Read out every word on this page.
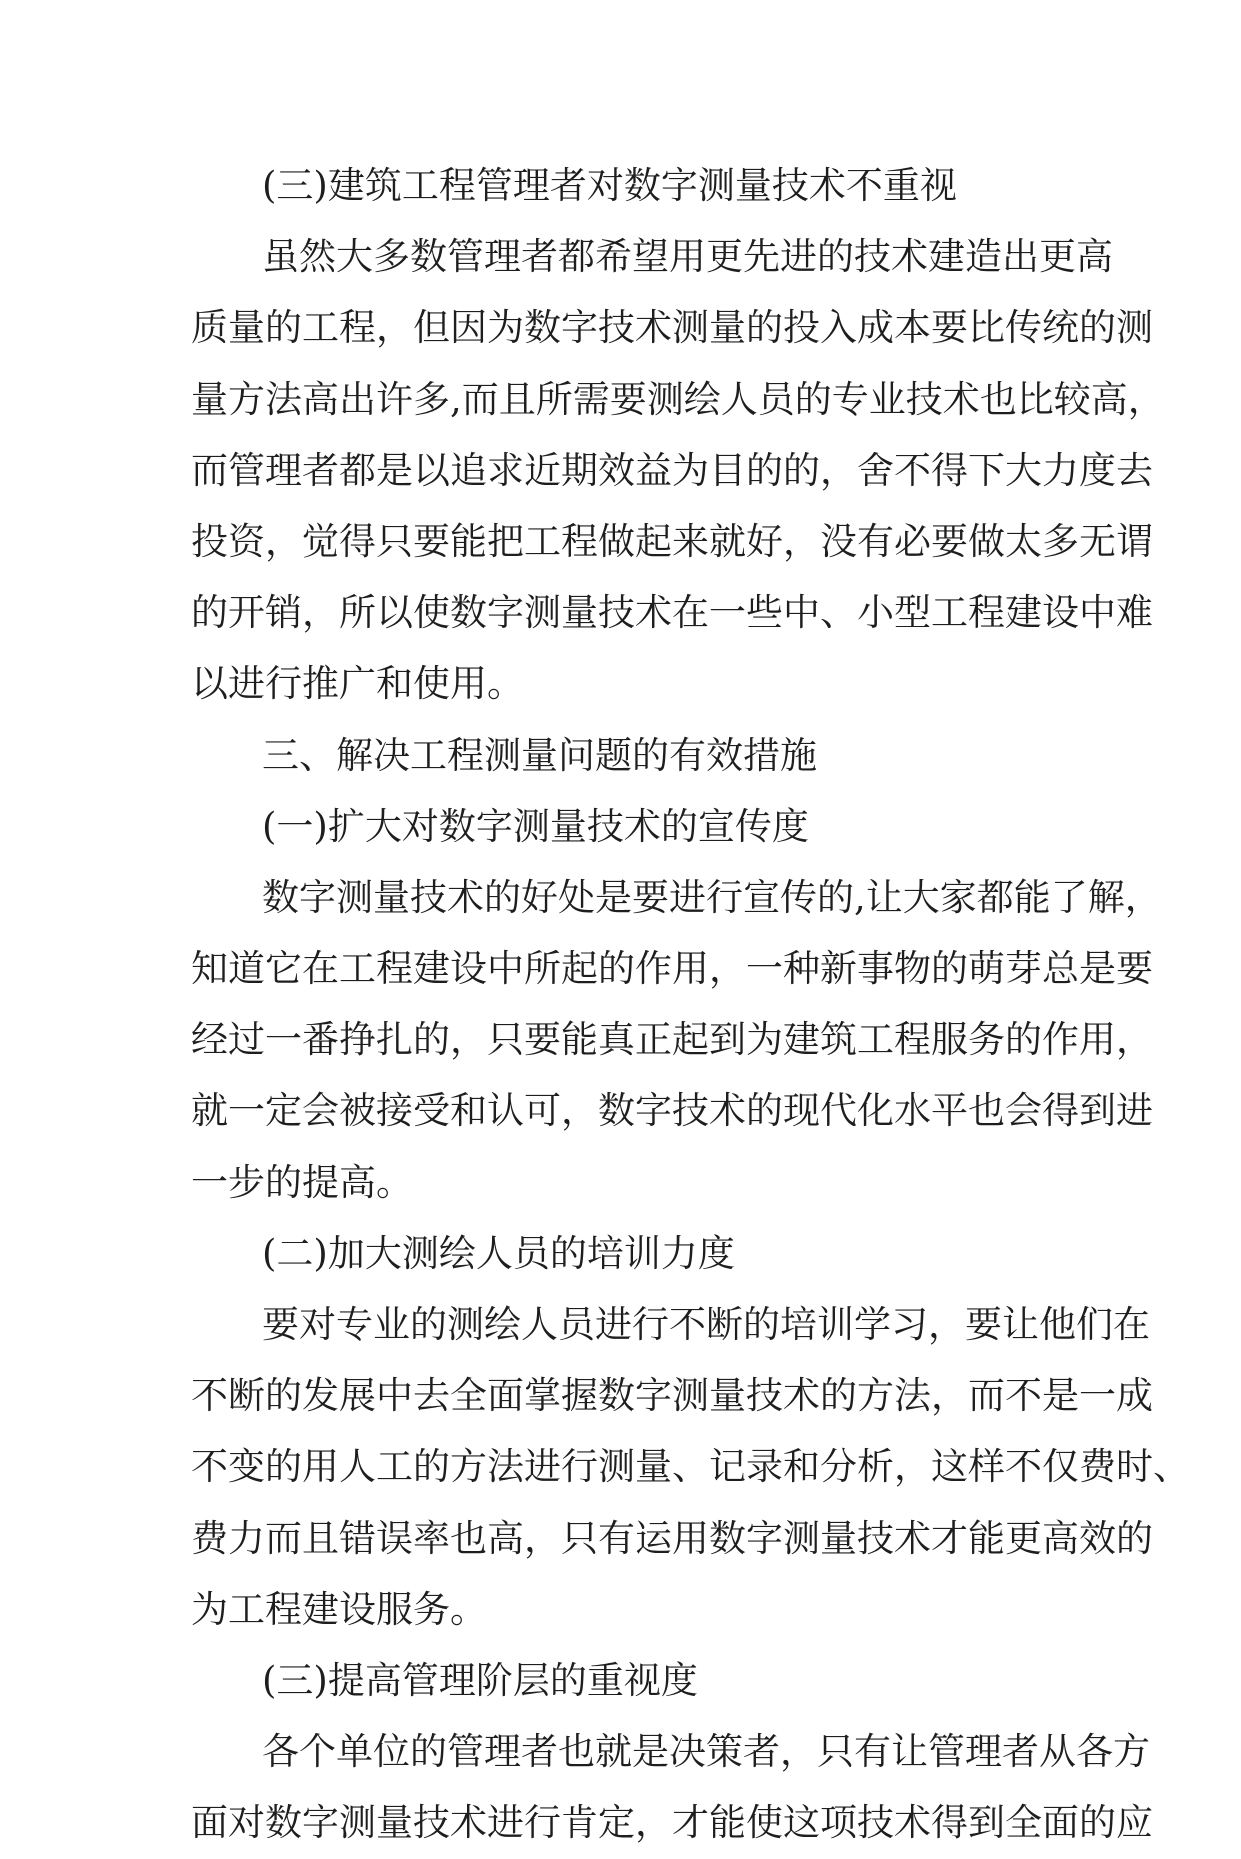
(三)建筑工程管理者对数字测量技术不重视
虽然大多数管理者都希望用更先进的技术建造出更高
质量的工程，但因为数字技术测量的投入成本要比传统的测
量方法高出许多,而且所需要测绘人员的专业技术也比较高，
而管理者都是以追求近期效益为目的的，舍不得下大力度去
投资，觉得只要能把工程做起来就好，没有必要做太多无谓
的开销，所以使数字测量技术在一些中、小型工程建设中难
以进行推广和使用。
三、解决工程测量问题的有效措施
(一)扩大对数字测量技术的宣传度
数字测量技术的好处是要进行宣传的,让大家都能了解，
知道它在工程建设中所起的作用，一种新事物的萌芽总是要
经过一番挣扎的，只要能真正起到为建筑工程服务的作用，
就一定会被接受和认可，数字技术的现代化水平也会得到进
一步的提高。
(二)加大测绘人员的培训力度
要对专业的测绘人员进行不断的培训学习，要让他们在
不断的发展中去全面掌握数字测量技术的方法，而不是一成
不变的用人工的方法进行测量、记录和分析，这样不仅费时、
费力而且错误率也高，只有运用数字测量技术才能更高效的
为工程建设服务。
(三)提高管理阶层的重视度
各个单位的管理者也就是决策者，只有让管理者从各方
面对数字测量技术进行肯定，才能使这项技术得到全面的应
